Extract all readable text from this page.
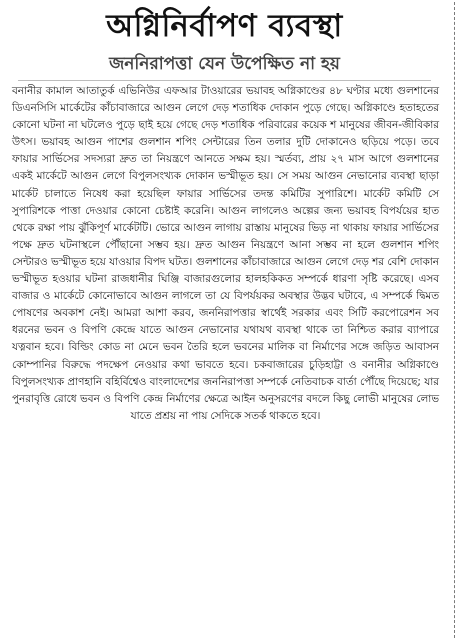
অগ্নিনির্বাপণ ব্যবস্থা
জননিরাপত্তা যেন উপেক্ষিত না হয়

বনানীর কামাল আতাতুর্ক এভিনিউর এফআর টাওয়ারের ভয়াবহ অগ্নিকাণ্ডের ৪৮ ঘণ্টার মধ্যে গুলশানের ডিএনসিসি মার্কেটের কাঁচাবাজারে আগুন লেগে দেড় শতাধিক দোকান পুড়ে গেছে। অগ্নিকাণ্ডে হতাহতের কোনো ঘটনা না ঘটলেও পুড়ে ছাই হয়ে গেছে দেড় শতাধিক পরিবারের কয়েক শ মানুষের জীবন-জীবিকার উৎস। ভয়াবহ আগুন পাশের গুলশান শপিং সেন্টারের তিন তলার দুটি দোকানেও ছড়িয়ে পড়ে। তবে ফায়ার সার্ভিসের সদস্যরা দ্রুত তা নিয়ন্ত্রণে আনতে সক্ষম হয়। স্মর্তব্য, প্রায় ২৭ মাস আগে গুলশানের একই মার্কেটে আগুন লেগে বিপুলসংখ্যক দোকান ভস্মীভূত হয়। সে সময় আগুন নেভানোর ব্যবস্থা ছাড়া মার্কেট চালাতে নিষেধ করা হয়েছিল ফায়ার সার্ভিসের তদন্ত কমিটির সুপারিশে। মার্কেট কমিটি সে সুপারিশকে পাত্তা দেওয়ার কোনো চেষ্টাই করেনি। আগুন লাগলেও অল্পের জন্য ভয়াবহ বিপর্যয়ের হাত থেকে রক্ষা পায় ঝুঁকিপূর্ণ মার্কেটটি। ভোরে আগুন লাগায় রাস্তায় মানুষের ভিড় না থাকায় ফায়ার সার্ভিসের পক্ষে দ্রুত ঘটনাস্থলে পৌঁছানো সম্ভব হয়। দ্রুত আগুন নিয়ন্ত্রণে আনা সম্ভব না হলে গুলশান শপিং সেন্টারও ভস্মীভূত হয়ে যাওয়ার বিপদ ঘটত। গুলশানের কাঁচাবাজারে আগুন লেগে দেড় শর বেশি দোকান ভস্মীভূত হওয়ার ঘটনা রাজধানীর ঘিঞ্জি বাজারগুলোর হালহকিকত সম্পর্কে ধারণা সৃষ্টি করেছে। এসব বাজার ও মার্কেটে কোনোভাবে আগুন লাগলে তা যে বিপর্যয়কর অবস্থার উদ্ভব ঘটাবে, এ সম্পর্কে দ্বিমত পোষণের অবকাশ নেই। আমরা আশা করব, জননিরাপত্তার স্বার্থেই সরকার এবং সিটি করপোরেশন সব ধরনের ভবন ও বিপণি কেন্দ্রে যাতে আগুন নেভানোর যথাযথ ব্যবস্থা থাকে তা নিশ্চিত করার ব্যাপারে যত্নবান হবে। বিল্ডিং কোড না মেনে ভবন তৈরি হলে ভবনের মালিক বা নির্মাণের সঙ্গে জড়িত আবাসন কোম্পানির বিরুদ্ধে পদক্ষেপ নেওয়ার কথা ভাবতে হবে। চকবাজারের চুড়িহাট্টা ও বনানীর অগ্নিকাণ্ডে বিপুলসংখ্যক প্রাণহানি বহির্বিশ্বেও বাংলাদেশের জননিরাপত্তা সম্পর্কে নেতিবাচক বার্তা পৌঁছে দিয়েছে; যার পুনরাবৃত্তি রোধে ভবন ও বিপণি কেন্দ্র নির্মাণের ক্ষেত্রে আইন অনুসরণের বদলে কিছু লোভী মানুষের লোভ যাতে প্রশ্রয় না পায় সেদিকে সতর্ক থাকতে হবে।
